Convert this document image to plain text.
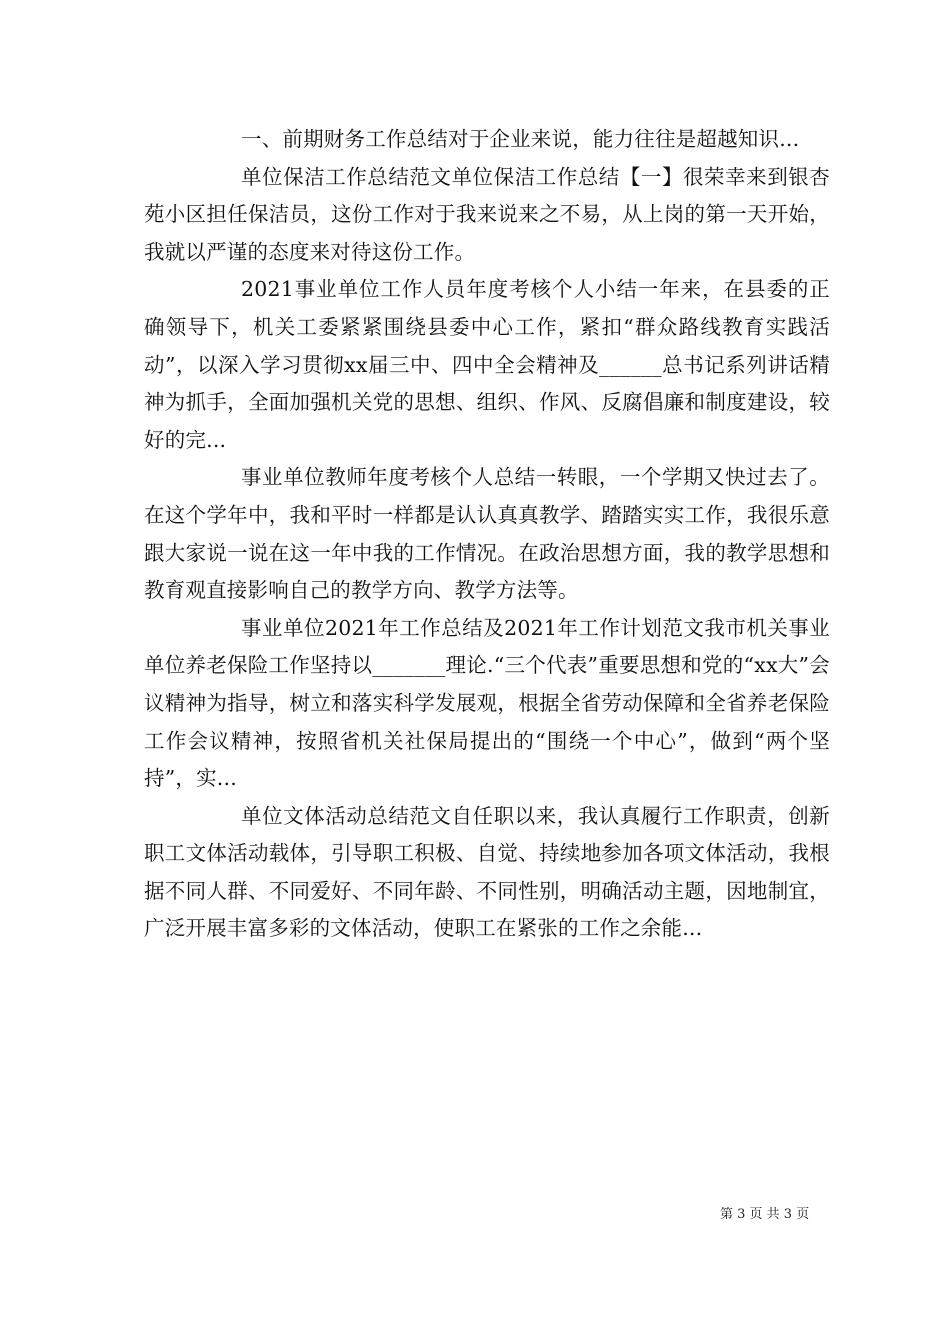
一、前期财务工作总结对于企业来说，能力往往是超越知识...

单位保洁工作总结范文单位保洁工作总结【一】很荣幸来到银杏苑小区担任保洁员，这份工作对于我来说来之不易，从上岗的第一天开始，我就以严谨的态度来对待这份工作。

2021事业单位工作人员年度考核个人小结一年来，在县委的正确领导下，机关工委紧紧围绕县委中心工作，紧扣“群众路线教育实践活动”，以深入学习贯彻xx届三中、四中全会精神及______总书记系列讲话精神为抓手，全面加强机关党的思想、组织、作风、反腐倡廉和制度建设，较好的完...

事业单位教师年度考核个人总结一转眼，一个学期又快过去了。在这个学年中，我和平时一样都是认认真真教学、踏踏实实工作，我很乐意跟大家说一说在这一年中我的工作情况。在政治思想方面，我的教学思想和教育观直接影响自己的教学方向、教学方法等。

事业单位2021年工作总结及2021年工作计划范文我市机关事业单位养老保险工作坚持以_______理论.“三个代表”重要思想和党的“xx大”会议精神为指导，树立和落实科学发展观，根据全省劳动保障和全省养老保险工作会议精神，按照省机关社保局提出的“围绕一个中心”，做到“两个坚持”，实...

单位文体活动总结范文自任职以来，我认真履行工作职责，创新职工文体活动载体，引导职工积极、自觉、持续地参加各项文体活动，我根据不同人群、不同爱好、不同年龄、不同性别，明确活动主题，因地制宜，广泛开展丰富多彩的文体活动，使职工在紧张的工作之余能...

第 3 页 共 3 页
